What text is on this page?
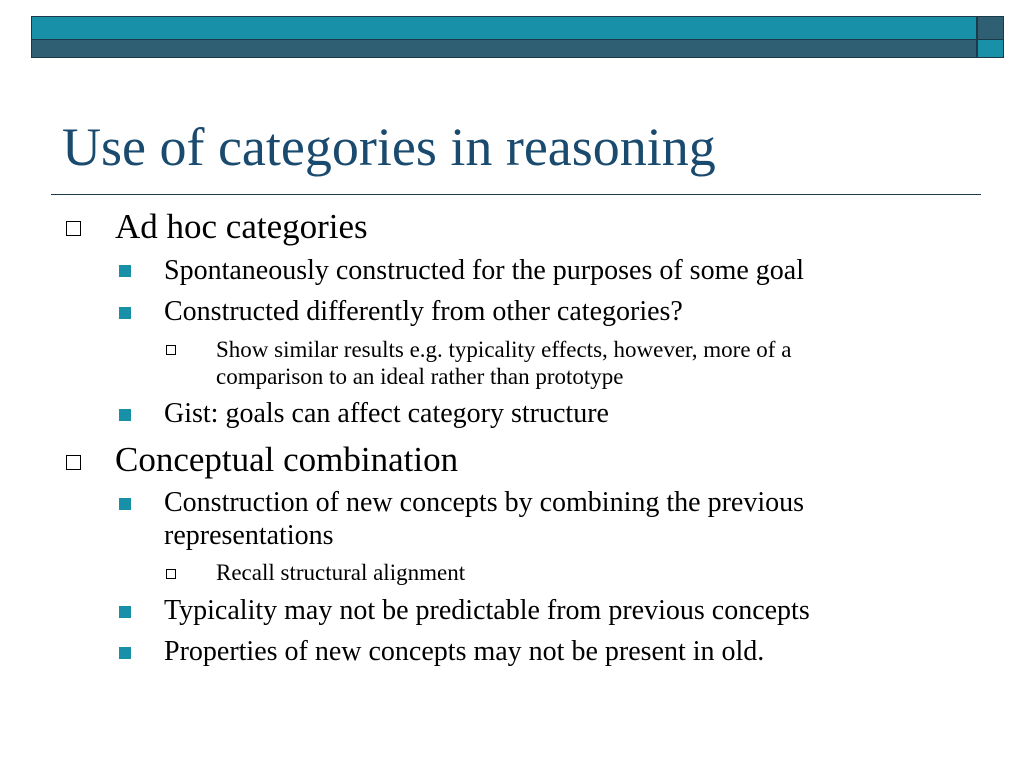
Use of categories in reasoning
Ad hoc categories
Spontaneously constructed for the purposes of some goal
Constructed differently from other categories?
Show similar results e.g. typicality effects, however, more of a
comparison to an ideal rather than prototype
Gist: goals can affect category structure
Conceptual combination
Construction of new concepts by combining the previous
representations
Recall structural alignment
Typicality may not be predictable from previous concepts
Properties of new concepts may not be present in old.
